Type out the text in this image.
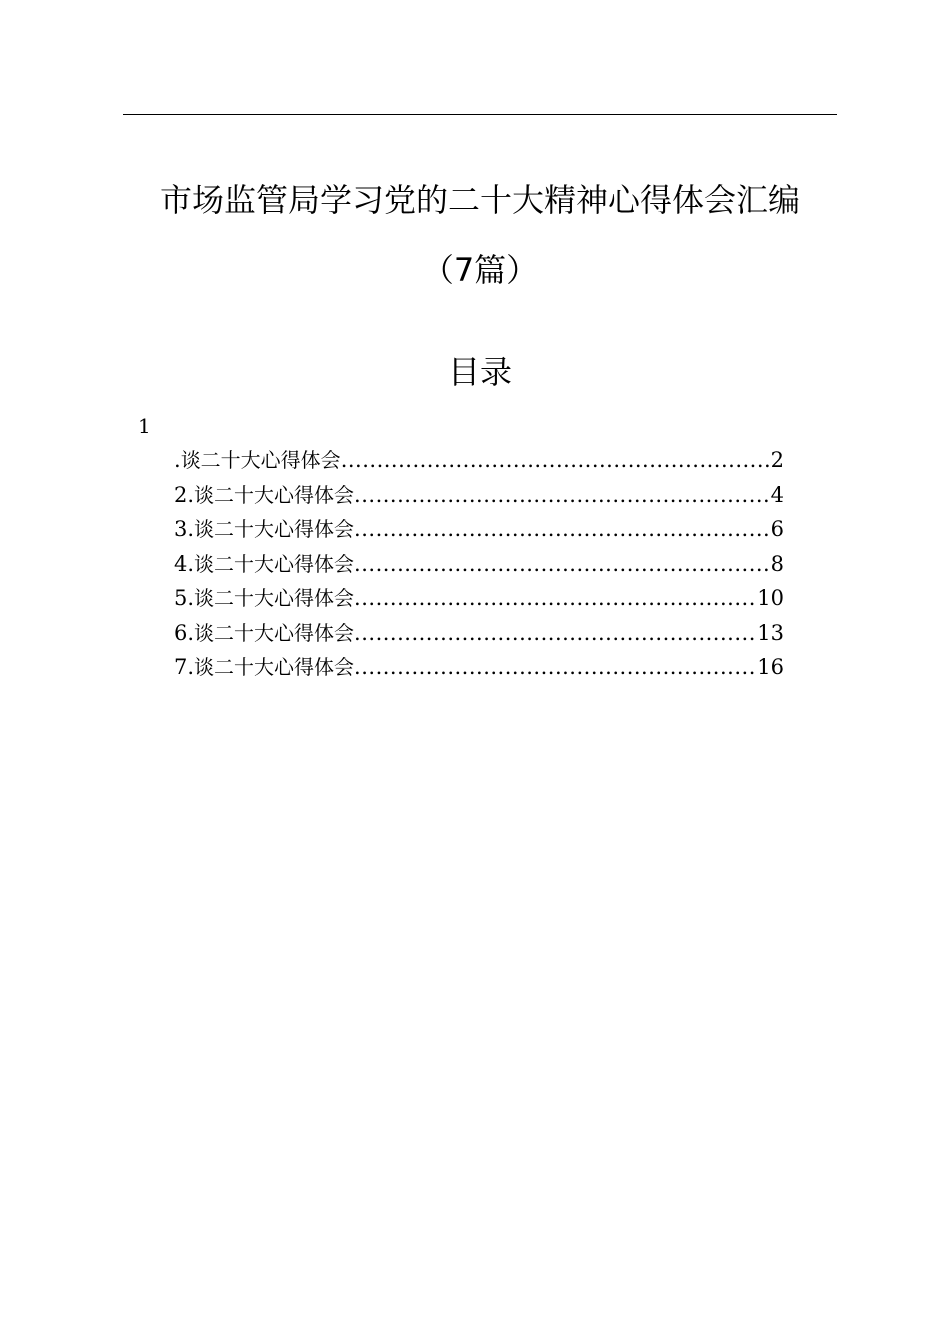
市场监管局学习党的二十大精神心得体会汇编
（7篇）
目录
1
. 谈二十大心得体会 .....	2
2. 谈二十大心得体会 .....	4
3. 谈二十大心得体会 .....	6
4. 谈二十大心得体会 .....	8
5. 谈二十大心得体会 .....	10
6. 谈二十大心得体会 .....	13
7. 谈二十大心得体会 .....	16
